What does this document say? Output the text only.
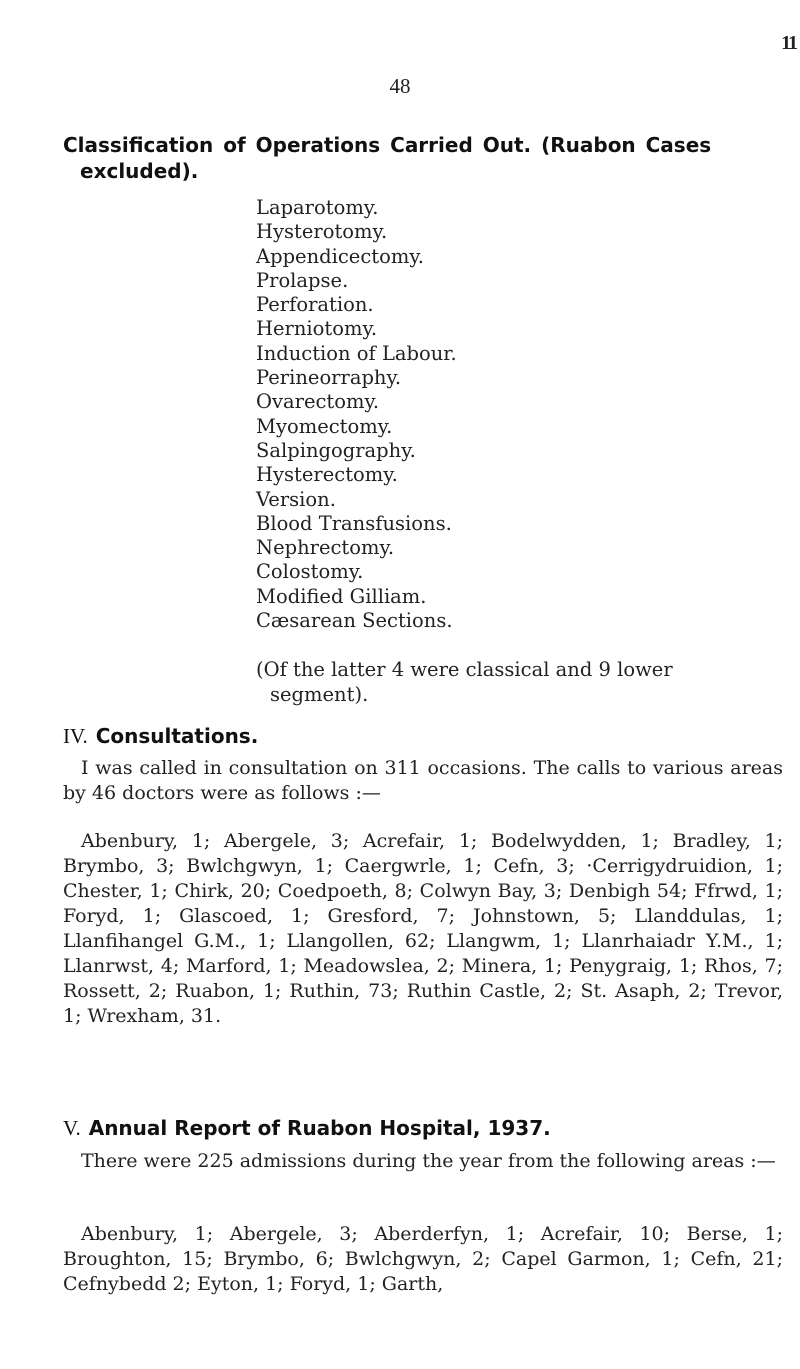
11
48
Classification of Operations Carried Out. (Ruabon Cases
excluded).
Laparotomy.
Hysterotomy.
Appendicectomy.
Prolapse.
Perforation.
Herniotomy.
Induction of Labour.
Perineorraphy.
Ovarectomy.
Myomectomy.
Salpingography.
Hysterectomy.
Version.
Blood Transfusions.
Nephrectomy.
Colostomy.
Modified Gilliam.
Cæsarean Sections.
(Of the latter 4 were classical and 9 lower
segment).
IV. Consultations.

I was called in consultation on 311 occasions. The calls to various areas by 46 doctors were as follows :—

Abenbury, 1; Abergele, 3; Acrefair, 1; Bodelwydden, 1; Bradley, 1; Brymbo, 3; Bwlchgwyn, 1; Caergwrle, 1; Cefn, 3; ·Cerrigydruidion, 1; Chester, 1; Chirk, 20; Coedpoeth, 8; Colwyn Bay, 3; Denbigh 54; Ffrwd, 1; Foryd, 1; Glascoed, 1; Gresford, 7; Johnstown, 5; Llanddulas, 1; Llanfihangel G.M., 1; Llangollen, 62; Llangwm, 1; Llanrhaiadr Y.M., 1; Llanrwst, 4; Marford, 1; Meadowslea, 2; Minera, 1; Penygraig, 1; Rhos, 7; Rossett, 2; Ruabon, 1; Ruthin, 73; Ruthin Castle, 2; St. Asaph, 2; Trevor, 1; Wrexham, 31.

V. Annual Report of Ruabon Hospital, 1937.

There were 225 admissions during the year from the following areas :—

Abenbury, 1; Abergele, 3; Aberderfyn, 1; Acrefair, 10; Berse, 1; Broughton, 15; Brymbo, 6; Bwlchgwyn, 2; Capel Garmon, 1; Cefn, 21; Cefnybedd 2; Eyton, 1; Foryd, 1; Garth,
